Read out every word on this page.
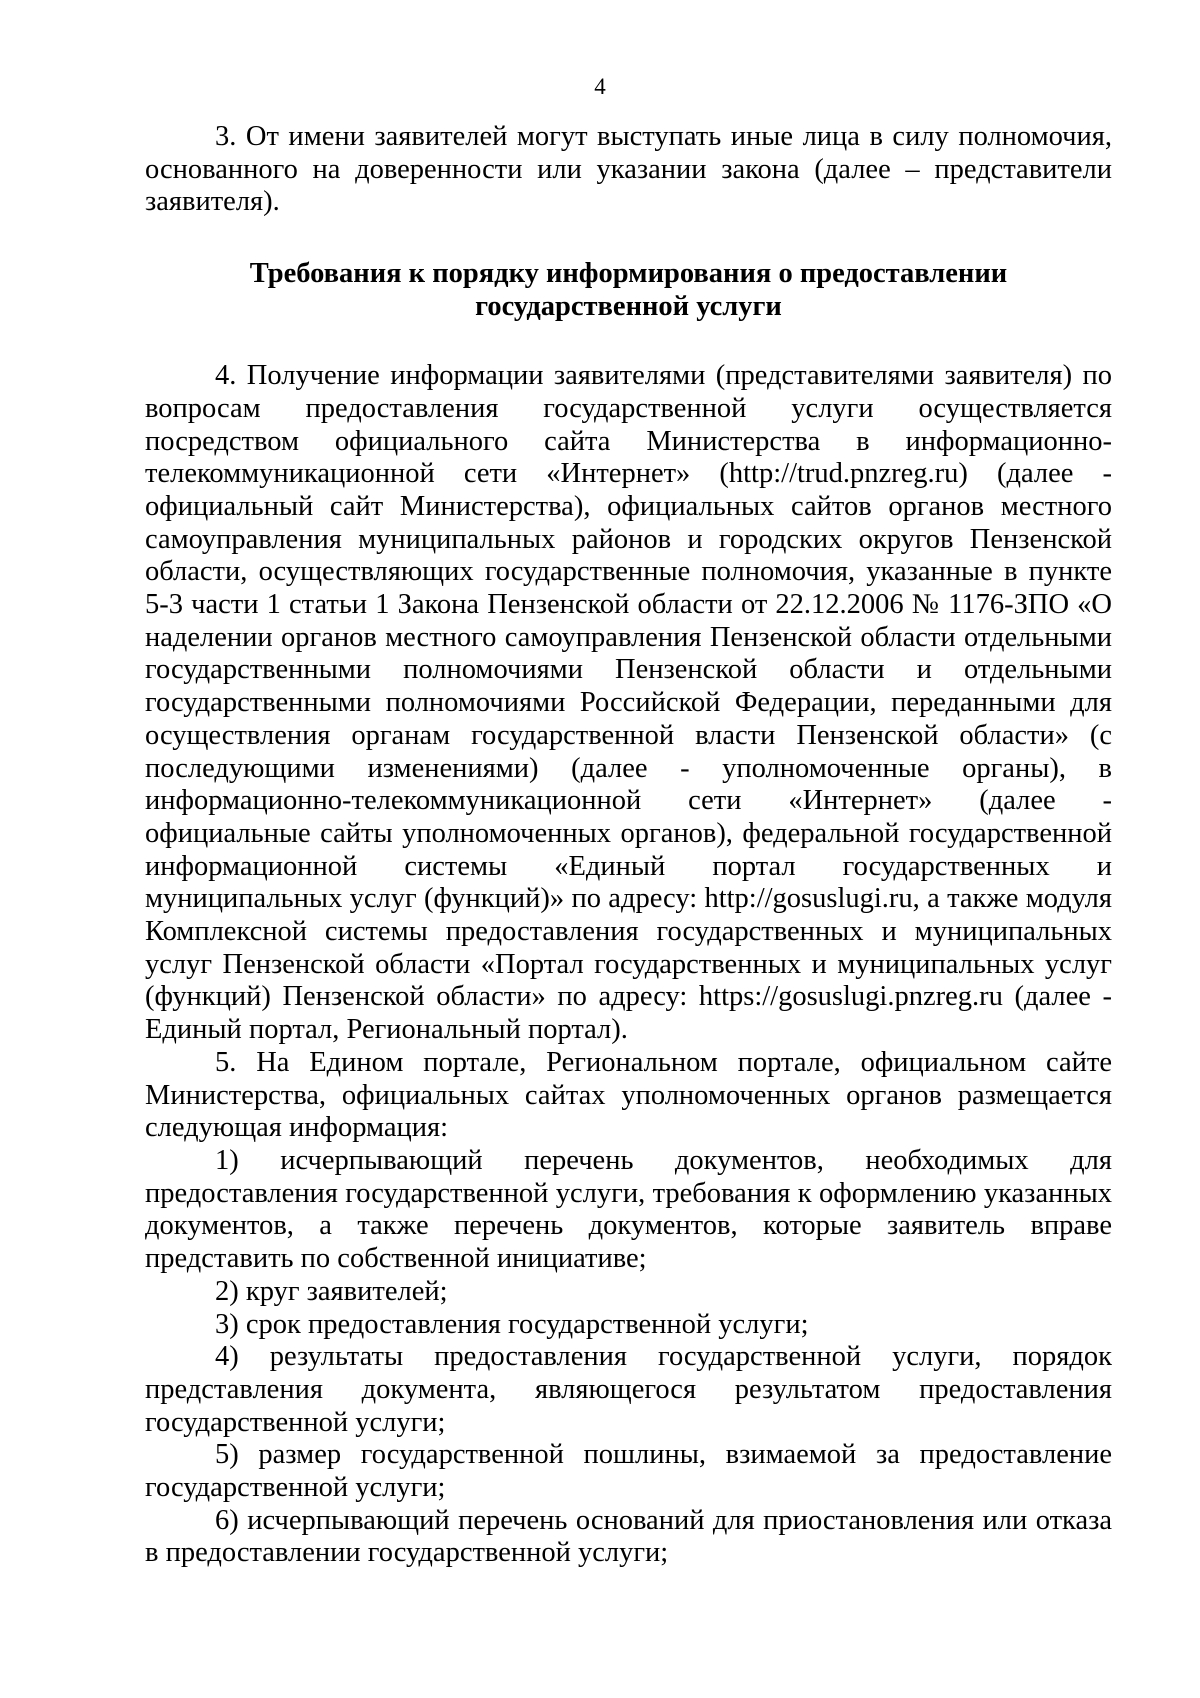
4

3. От имени заявителей могут выступать иные лица в силу полномочия, основанного на доверенности или указании закона (далее – представители заявителя).

Требования к порядку информирования о предоставлении
государственной услуги

4. Получение информации заявителями (представителями заявителя) по вопросам предоставления государственной услуги осуществляется посредством официального сайта Министерства в информационно-телекоммуникационной сети «Интернет» (http://trud.pnzreg.ru) (далее - официальный сайт Министерства), официальных сайтов органов местного самоуправления муниципальных районов и городских округов Пензенской области, осуществляющих государственные полномочия, указанные в пункте 5-3 части 1 статьи 1 Закона Пензенской области от 22.12.2006 № 1176-ЗПО «О наделении органов местного самоуправления Пензенской области отдельными государственными полномочиями Пензенской области и отдельными государственными полномочиями Российской Федерации, переданными для осуществления органам государственной власти Пензенской области» (с последующими изменениями) (далее - уполномоченные органы), в информационно-телекоммуникационной сети «Интернет» (далее - официальные сайты уполномоченных органов), федеральной государственной информационной системы «Единый портал государственных и муниципальных услуг (функций)» по адресу: http://gosuslugi.ru, а также модуля Комплексной системы предоставления государственных и муниципальных услуг Пензенской области «Портал государственных и муниципальных услуг (функций) Пензенской области» по адресу: https://gosuslugi.pnzreg.ru (далее - Единый портал, Региональный портал).

5. На Едином портале, Региональном портале, официальном сайте Министерства, официальных сайтах уполномоченных органов размещается следующая информация:

1) исчерпывающий перечень документов, необходимых для предоставления государственной услуги, требования к оформлению указанных документов, а также перечень документов, которые заявитель вправе представить по собственной инициативе;

2) круг заявителей;

3) срок предоставления государственной услуги;

4) результаты предоставления государственной услуги, порядок представления документа, являющегося результатом предоставления государственной услуги;

5) размер государственной пошлины, взимаемой за предоставление государственной услуги;

6) исчерпывающий перечень оснований для приостановления или отказа в предоставлении государственной услуги;
